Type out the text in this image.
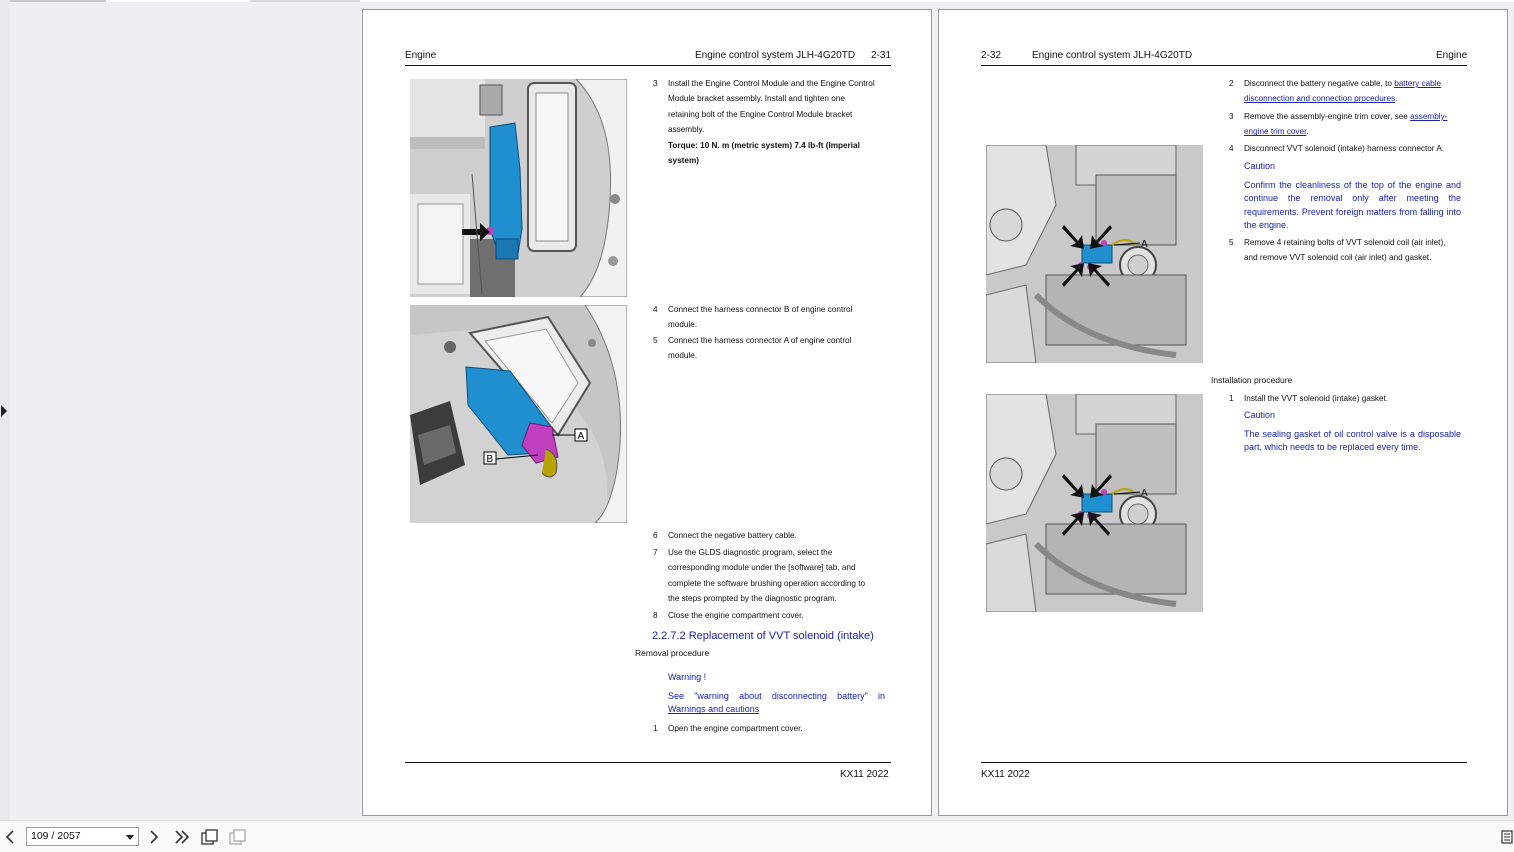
Engine	Engine control system JLH-4G20TD 2-31
3 Install the Engine Control Module and the Engine Control
Module bracket assembly. Install and tighten one
retaining bolt of the Engine Control Module bracket
assembly.
Torque: 10 N. m (metric system) 7.4 lb-ft (Imperial
system)
A
B
4 Connect the harness connector B of engine control
module.
5 Connect the harness connector A of engine control
module.
6 Connect the negative battery cable.
7 Use the GLDS diagnostic program, select the
corresponding module under the [software] tab, and
complete the software brushing operation according to
the steps prompted by the diagnostic program.
8 Close the engine compartment cover.
2.2.7.2 Replacement of VVT solenoid (intake)
Removal procedure
Warning !
See "warning about disconnecting battery" in
Warnings and cautions
1 Open the engine compartment cover.
KX11 2022
2-32	Engine control system JLH-4G20TD	Engine
2 Disconnect the battery negative cable, to battery cable
disconnection and connection procedures.
3 Remove the assembly-engine trim cover, see assembly-
engine trim cover.
4 Disconnect VVT solenoid (intake) harness connector A.
Caution
Confirm the cleanliness of the top of the engine and continue the removal only after meeting the requirements. Prevent foreign matters from falling into the engine.
5 Remove 4 retaining bolts of VVT solenoid coil (air inlet),
and remove VVT solenoid coil (air inlet) and gasket.
A
Installation procedure
1 Install the VVT solenoid (intake) gasket.
Caution
The sealing gasket of oil control valve is a disposable part, which needs to be replaced every time.
A
KX11 2022
109 / 2057
